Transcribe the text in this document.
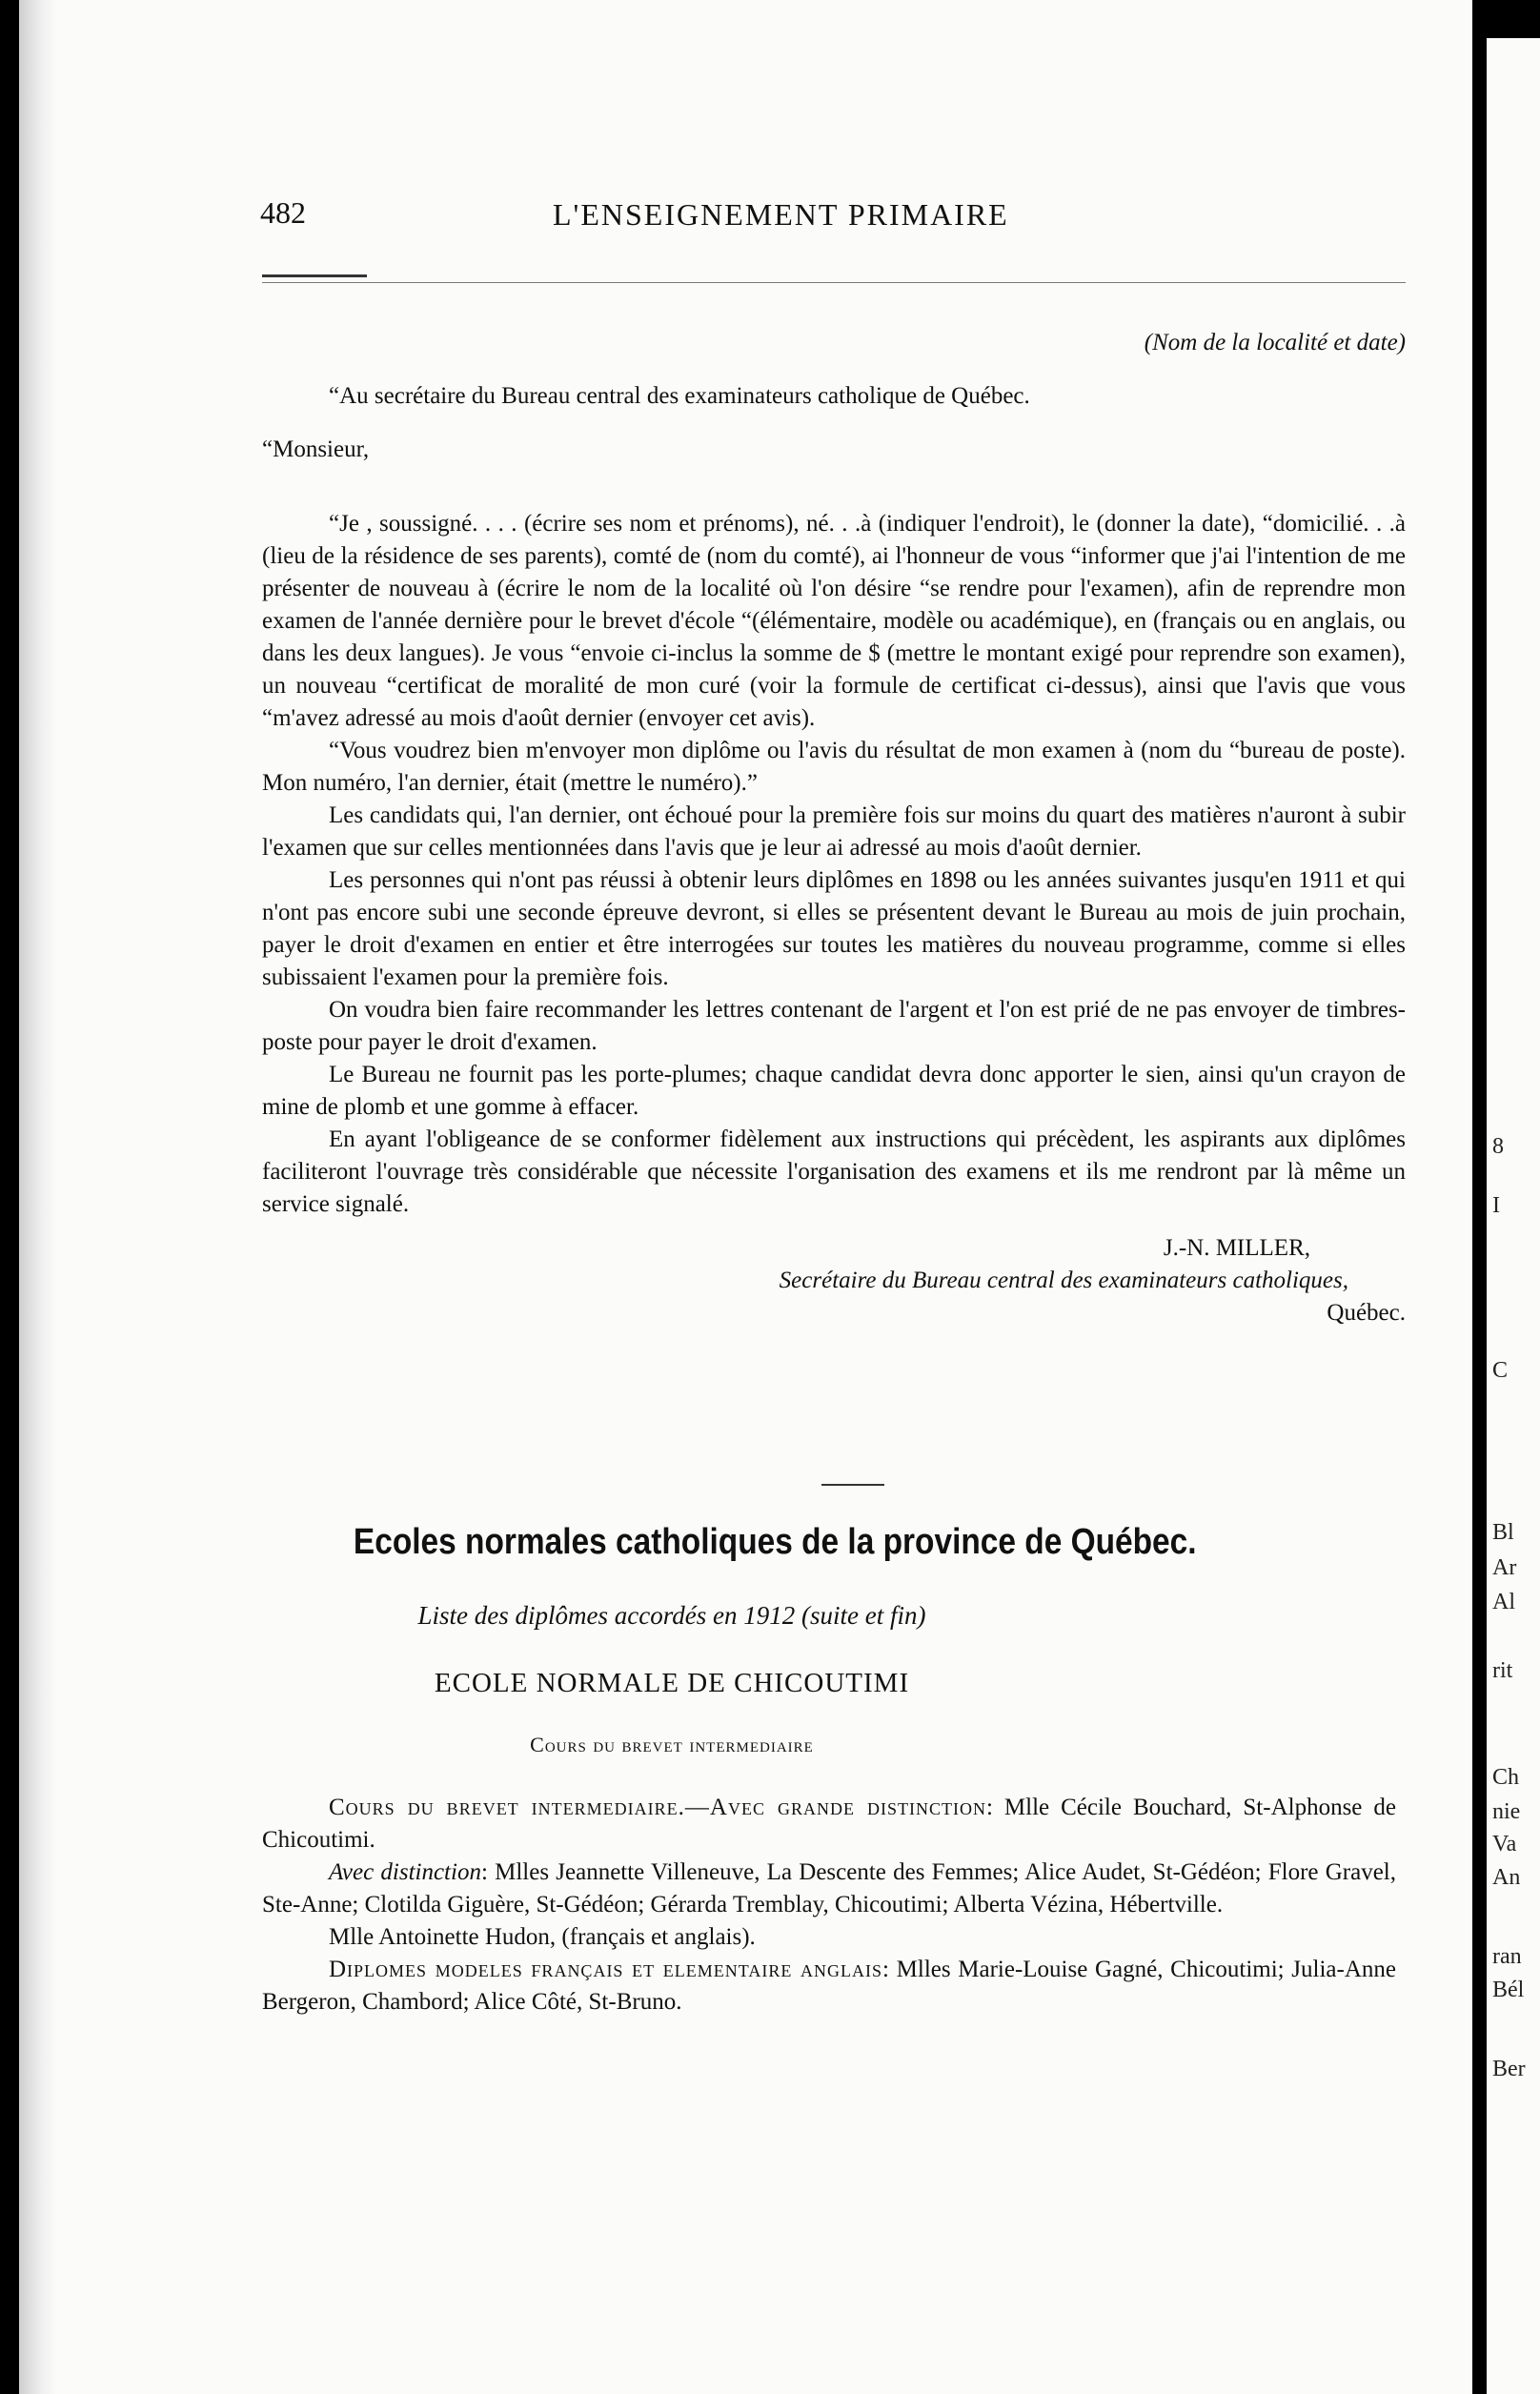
482	L'ENSEIGNEMENT PRIMAIRE

(Nom de la localité et date)

“Au secrétaire du Bureau central des examinateurs catholique de Québec.

“Monsieur,

“Je , soussigné. . . . (écrire ses nom et prénoms), né. . .à (indiquer l'endroit), le (donner la date), “domicilié. . .à (lieu de la résidence de ses parents), comté de (nom du comté), ai l'honneur de vous “informer que j'ai l'intention de me présenter de nouveau à (écrire le nom de la localité où l'on désire “se rendre pour l'examen), afin de reprendre mon examen de l'année dernière pour le brevet d'école “(élémentaire, modèle ou académique), en (français ou en anglais, ou dans les deux langues). Je vous “envoie ci-inclus la somme de $ (mettre le montant exigé pour reprendre son examen), un nouveau “certificat de moralité de mon curé (voir la formule de certificat ci-dessus), ainsi que l'avis que vous “m'avez adressé au mois d'août dernier (envoyer cet avis).

“Vous voudrez bien m'envoyer mon diplôme ou l'avis du résultat de mon examen à (nom du “bureau de poste). Mon numéro, l'an dernier, était (mettre le numéro).”

Les candidats qui, l'an dernier, ont échoué pour la première fois sur moins du quart des matières n'auront à subir l'examen que sur celles mentionnées dans l'avis que je leur ai adressé au mois d'août dernier.

Les personnes qui n'ont pas réussi à obtenir leurs diplômes en 1898 ou les années suivantes jusqu'en 1911 et qui n'ont pas encore subi une seconde épreuve devront, si elles se présentent devant le Bureau au mois de juin prochain, payer le droit d'examen en entier et être interrogées sur toutes les matières du nouveau programme, comme si elles subissaient l'examen pour la première fois.

On voudra bien faire recommander les lettres contenant de l'argent et l'on est prié de ne pas envoyer de timbres-poste pour payer le droit d'examen.

Le Bureau ne fournit pas les porte-plumes; chaque candidat devra donc apporter le sien, ainsi qu'un crayon de mine de plomb et une gomme à effacer.

En ayant l'obligeance de se conformer fidèlement aux instructions qui précèdent, les aspirants aux diplômes faciliteront l'ouvrage très considérable que nécessite l'organisation des examens et ils me rendront par là même un service signalé.

J.-N. MILLER,

Secrétaire du Bureau central des examinateurs catholiques,

Québec.

Ecoles normales catholiques de la province de Québec.
Liste des diplômes accordés en 1912 (suite et fin)
ECOLE NORMALE DE CHICOUTIMI
Cours du brevet intermediaire

Cours du brevet intermediaire.—Avec grande distinction: Mlle Cécile Bouchard, St-Alphonse de Chicoutimi.

Avec distinction: Mlles Jeannette Villeneuve, La Descente des Femmes; Alice Audet, St-Gédéon; Flore Gravel, Ste-Anne; Clotilda Giguère, St-Gédéon; Gérarda Tremblay, Chicoutimi; Alberta Vézina, Hébertville.

Mlle Antoinette Hudon, (français et anglais).

Diplomes modeles français et elementaire anglais: Mlles Marie-Louise Gagné, Chicoutimi; Julia-Anne Bergeron, Chambord; Alice Côté, St-Bruno.

8
I
C
Bl
Ar
Al
rit
Ch
nie
Va
An
ran
Bél
Ber
